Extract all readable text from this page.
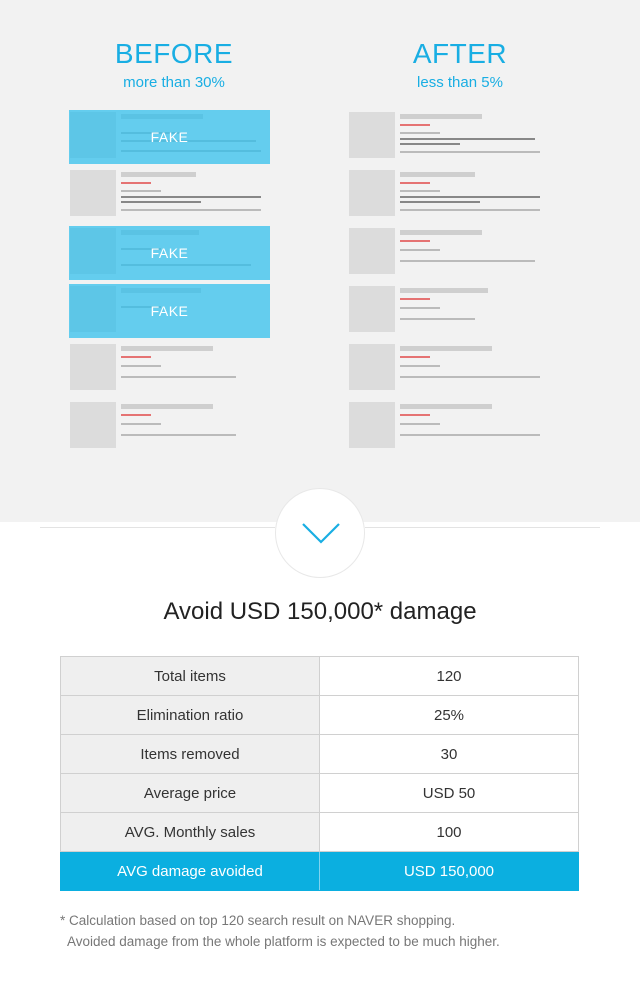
BEFORE
more than 30%
AFTER
less than 5%
FAKE
FAKE
FAKE
Avoid USD 150,000* damage
Total items	120
Elimination ratio	25%
Items removed	30
Average price	USD 50
AVG. Monthly sales	100
AVG damage avoided	USD 150,000
* Calculation based on top 120 search result on NAVER shopping.
Avoided damage from the whole platform is expected to be much higher.
